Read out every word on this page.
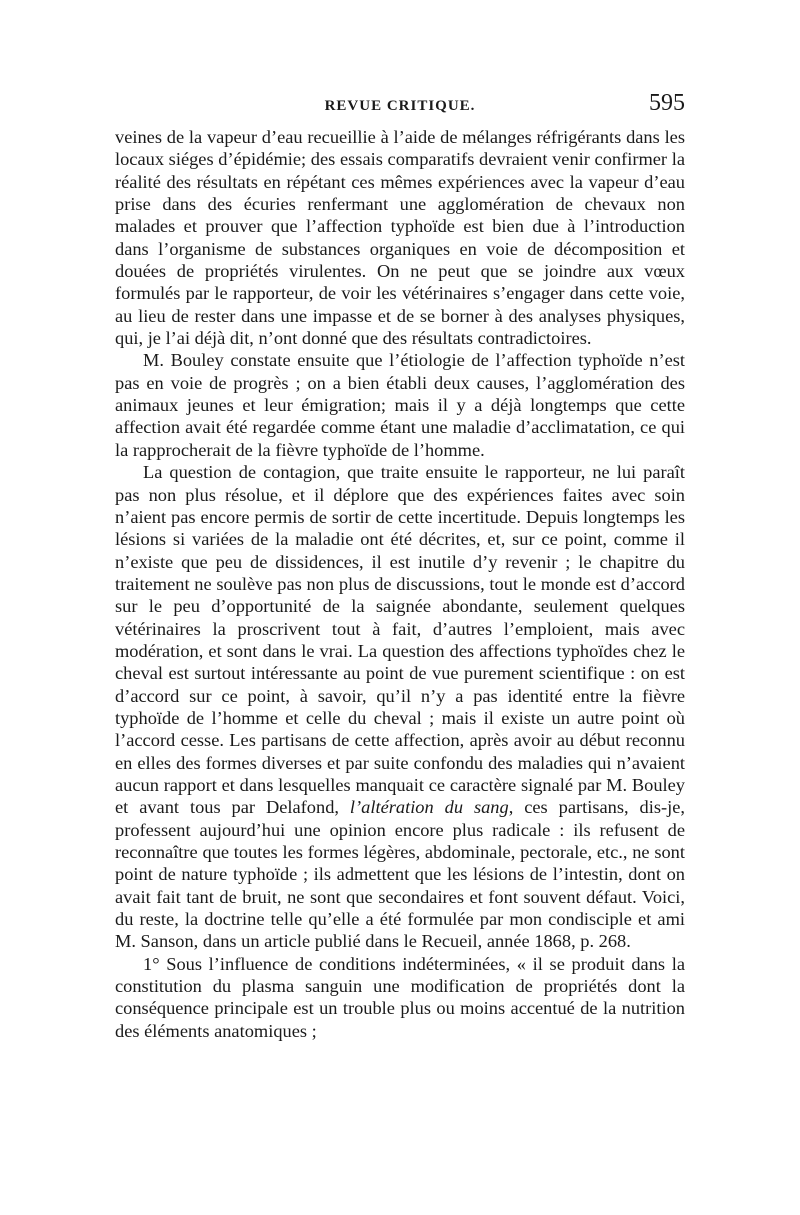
REVUE CRITIQUE.	595

veines de la vapeur d’eau recueillie à l’aide de mélanges réfrigérants dans les locaux siéges d’épidémie; des essais comparatifs devraient venir confirmer la réalité des résultats en répétant ces mêmes expériences avec la vapeur d’eau prise dans des écuries renfermant une agglomération de chevaux non malades et prouver que l’affection typhoïde est bien due à l’introduction dans l’organisme de substances organiques en voie de décomposition et douées de propriétés virulentes. On ne peut que se joindre aux vœux formulés par le rapporteur, de voir les vétérinaires s’engager dans cette voie, au lieu de rester dans une impasse et de se borner à des analyses physiques, qui, je l’ai déjà dit, n’ont donné que des résultats contradictoires.

M. Bouley constate ensuite que l’étiologie de l’affection typhoïde n’est pas en voie de progrès ; on a bien établi deux causes, l’agglomération des animaux jeunes et leur émigration; mais il y a déjà longtemps que cette affection avait été regardée comme étant une maladie d’acclimatation, ce qui la rapprocherait de la fièvre typhoïde de l’homme.

La question de contagion, que traite ensuite le rapporteur, ne lui paraît pas non plus résolue, et il déplore que des expériences faites avec soin n’aient pas encore permis de sortir de cette incertitude. Depuis longtemps les lésions si variées de la maladie ont été décrites, et, sur ce point, comme il n’existe que peu de dissidences, il est inutile d’y revenir ; le chapitre du traitement ne soulève pas non plus de discussions, tout le monde est d’accord sur le peu d’opportunité de la saignée abondante, seulement quelques vétérinaires la proscrivent tout à fait, d’autres l’emploient, mais avec modération, et sont dans le vrai. La question des affections typhoïdes chez le cheval est surtout intéressante au point de vue purement scientifique : on est d’accord sur ce point, à savoir, qu’il n’y a pas identité entre la fièvre typhoïde de l’homme et celle du cheval ; mais il existe un autre point où l’accord cesse. Les partisans de cette affection, après avoir au début reconnu en elles des formes diverses et par suite confondu des maladies qui n’avaient aucun rapport et dans lesquelles manquait ce caractère signalé par M. Bouley et avant tous par Delafond, l’altération du sang, ces partisans, dis-je, professent aujourd’hui une opinion encore plus radicale : ils refusent de reconnaître que toutes les formes légères, abdominale, pectorale, etc., ne sont point de nature typhoïde ; ils admettent que les lésions de l’intestin, dont on avait fait tant de bruit, ne sont que secondaires et font souvent défaut. Voici, du reste, la doctrine telle qu’elle a été formulée par mon condisciple et ami M. Sanson, dans un article publié dans le Recueil, année 1868, p. 268.

1° Sous l’influence de conditions indéterminées, « il se produit dans la constitution du plasma sanguin une modification de propriétés dont la conséquence principale est un trouble plus ou moins accentué de la nutrition des éléments anatomiques ;
